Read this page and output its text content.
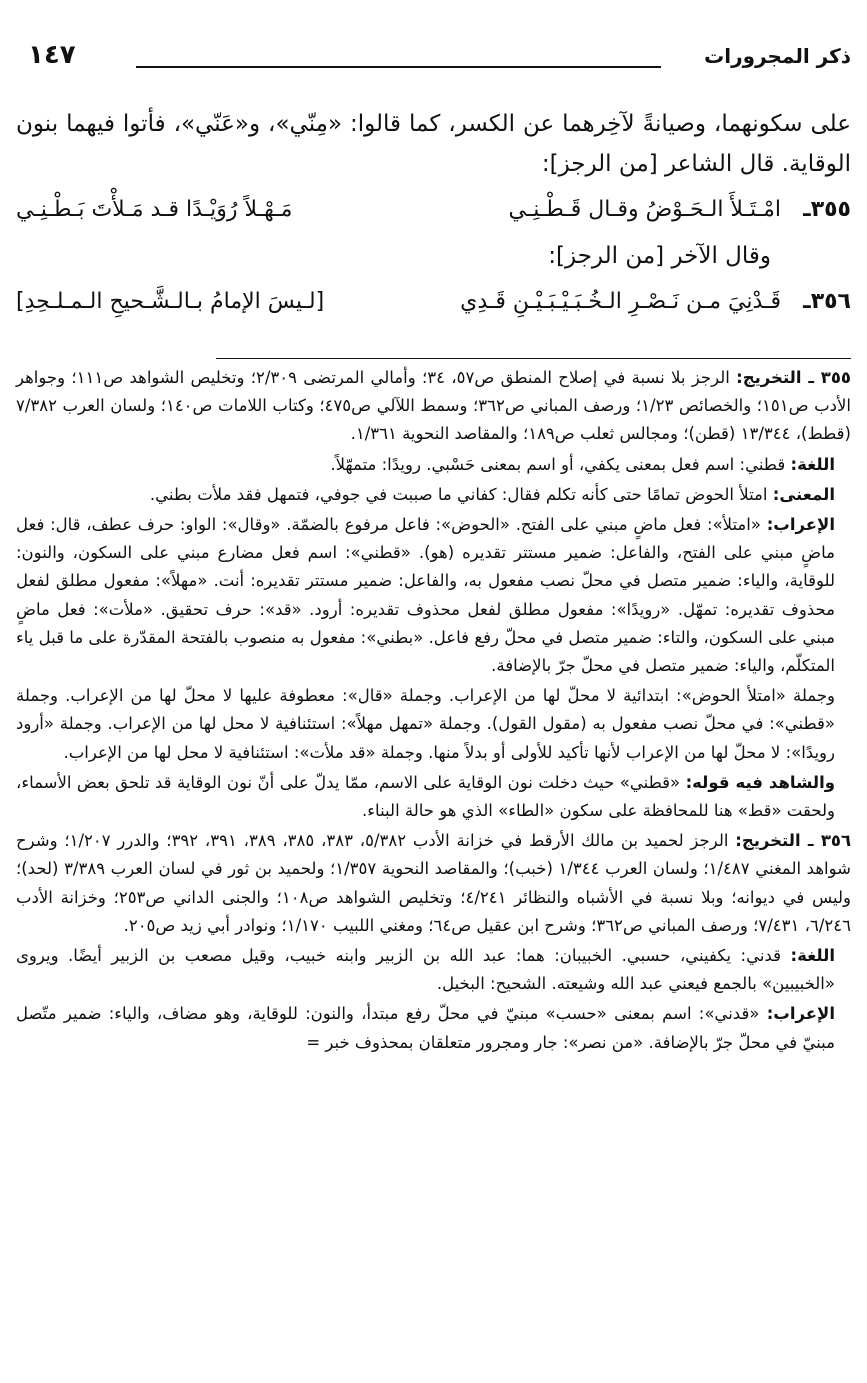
ذكر المجرورات
١٤٧

على سكونهما، وصيانةً لآخِرهما عن الكسر، كما قالوا: «مِنّي»، و«عَنّي»، فأتوا فيهما بنون الوقاية. قال الشاعر [من الرجز]:

٣٥٥ـ
امْـتَـلأَ الـحَـوْضُ وقـال قَـطْـنِـي
مَـهْـلاً رُوَيْـدًا قـد مَـلأْتَ بَـطْـنِـي

وقال الآخر [من الرجز]:

٣٥٦ـ
قَـدْنِيَ مـن نَـصْـرِ الـخُـبَـيْـبَـيْـنِ قَـدِي
[لـيسَ الإمامُ بـالـشَّـحيحِ الـمـلـحِدِ]

٣٥٥ ـ التخريج: الرجز بلا نسبة في إصلاح المنطق ص٥٧، ٣٤؛ وأمالي المرتضى ٢/٣٠٩؛ وتخليص الشواهد ص١١١؛ وجواهر الأدب ص١٥١؛ والخصائص ١/٢٣؛ ورصف المباني ص٣٦٢؛ وسمط اللآلي ص٤٧٥؛ وكتاب اللامات ص١٤٠؛ ولسان العرب ٧/٣٨٢ (قطط)، ١٣/٣٤٤ (قطن)؛ ومجالس ثعلب ص١٨٩؛ والمقاصد النحوية ١/٣٦١.

اللغة: قطني: اسم فعل بمعنى يكفي، أو اسم بمعنى حَسْبي. رويدًا: متمهّلاً.

المعنى: امتلأ الحوض تمامًا حتى كأنه تكلم فقال: كفاني ما صببت في جوفي، فتمهل فقد ملأت بطني.

الإعراب: «امتلأ»: فعل ماضٍ مبني على الفتح. «الحوض»: فاعل مرفوع بالضمّة. «وقال»: الواو: حرف عطف، قال: فعل ماضٍ مبني على الفتح، والفاعل: ضمير مستتر تقديره (هو). «قطني»: اسم فعل مضارع مبني على السكون، والنون: للوقاية، والياء: ضمير متصل في محلّ نصب مفعول به، والفاعل: ضمير مستتر تقديره: أنت. «مهلاً»: مفعول مطلق لفعل محذوف تقديره: تمهّل. «رويدًا»: مفعول مطلق لفعل محذوف تقديره: أرود. «قد»: حرف تحقيق. «ملأت»: فعل ماضٍ مبني على السكون، والتاء: ضمير متصل في محلّ رفع فاعل. «بطني»: مفعول به منصوب بالفتحة المقدّرة على ما قبل ياء المتكلّم، والياء: ضمير متصل في محلّ جرّ بالإضافة.

وجملة «امتلأ الحوض»: ابتدائية لا محلّ لها من الإعراب. وجملة «قال»: معطوفة عليها لا محلّ لها من الإعراب. وجملة «قطني»: في محلّ نصب مفعول به (مقول القول). وجملة «تمهل مهلاً»: استئنافية لا محل لها من الإعراب. وجملة «أرود رويدًا»: لا محلّ لها من الإعراب لأنها تأكيد للأولى أو بدلاً منها. وجملة «قد ملأت»: استئنافية لا محل لها من الإعراب.

والشاهد فيه قوله: «قطني» حيث دخلت نون الوقاية على الاسم، ممّا يدلّ على أنّ نون الوقاية قد تلحق بعض الأسماء، ولحقت «قط» هنا للمحافظة على سكون «الطاء» الذي هو حالة البناء.

٣٥٦ ـ التخريج: الرجز لحميد بن مالك الأرقط في خزانة الأدب ٥/٣٨٢، ٣٨٣، ٣٨٥، ٣٨٩، ٣٩١، ٣٩٢؛ والدرر ١/٢٠٧؛ وشرح شواهد المغني ١/٤٨٧؛ ولسان العرب ١/٣٤٤ (خبب)؛ والمقاصد النحوية ١/٣٥٧؛ ولحميد بن ثور في لسان العرب ٣/٣٨٩ (لحد)؛ وليس في ديوانه؛ وبلا نسبة في الأشباه والنظائر ٤/٢٤١؛ وتخليص الشواهد ص١٠٨؛ والجنى الداني ص٢٥٣؛ وخزانة الأدب ٦/٢٤٦، ٧/٤٣١؛ ورصف المباني ص٣٦٢؛ وشرح ابن عقيل ص٦٤؛ ومغني اللبيب ١/١٧٠؛ ونوادر أبي زيد ص٢٠٥.

اللغة: قدني: يكفيني، حسبي. الخبيبان: هما: عبد الله بن الزبير وابنه خبيب، وقيل مصعب بن الزبير أيضًا. ويروى «الخبيبين» بالجمع فيعني عبد الله وشيعته. الشحيح: البخيل.

الإعراب: «قدني»: اسم بمعنى «حسب» مبنيّ في محلّ رفع مبتدأ، والنون: للوقاية، وهو مضاف، والياء: ضمير متّصل مبنيّ في محلّ جرّ بالإضافة. «من نصر»: جار ومجرور متعلقان بمحذوف خبر =
